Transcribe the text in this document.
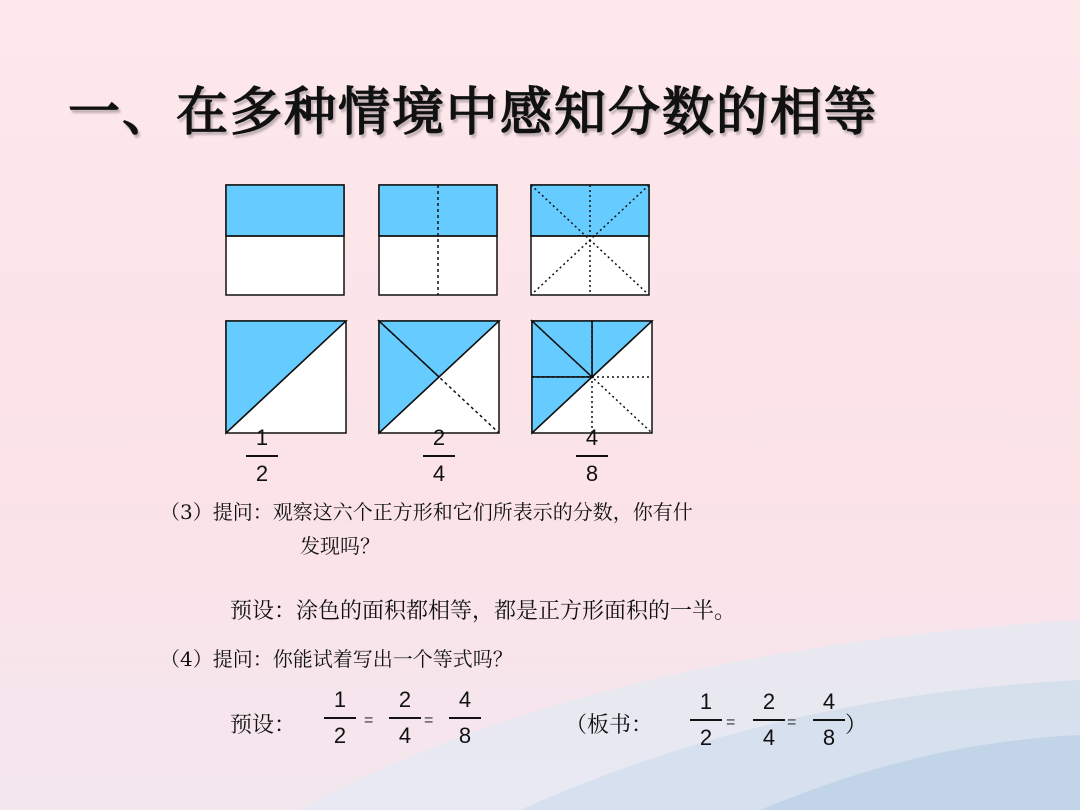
一、在多种情境中感知分数的相等
1
2
2
4
4
8
（3）提问：观察这六个正方形和它们所表示的分数，你有什
发现吗？
预设：涂色的面积都相等，都是正方形面积的一半。
（4）提问：你能试着写出一个等式吗？
预设：
1
2
=
2
4
=
4
8	（板书：
1
2
=
2
4
=
4
8 ）
